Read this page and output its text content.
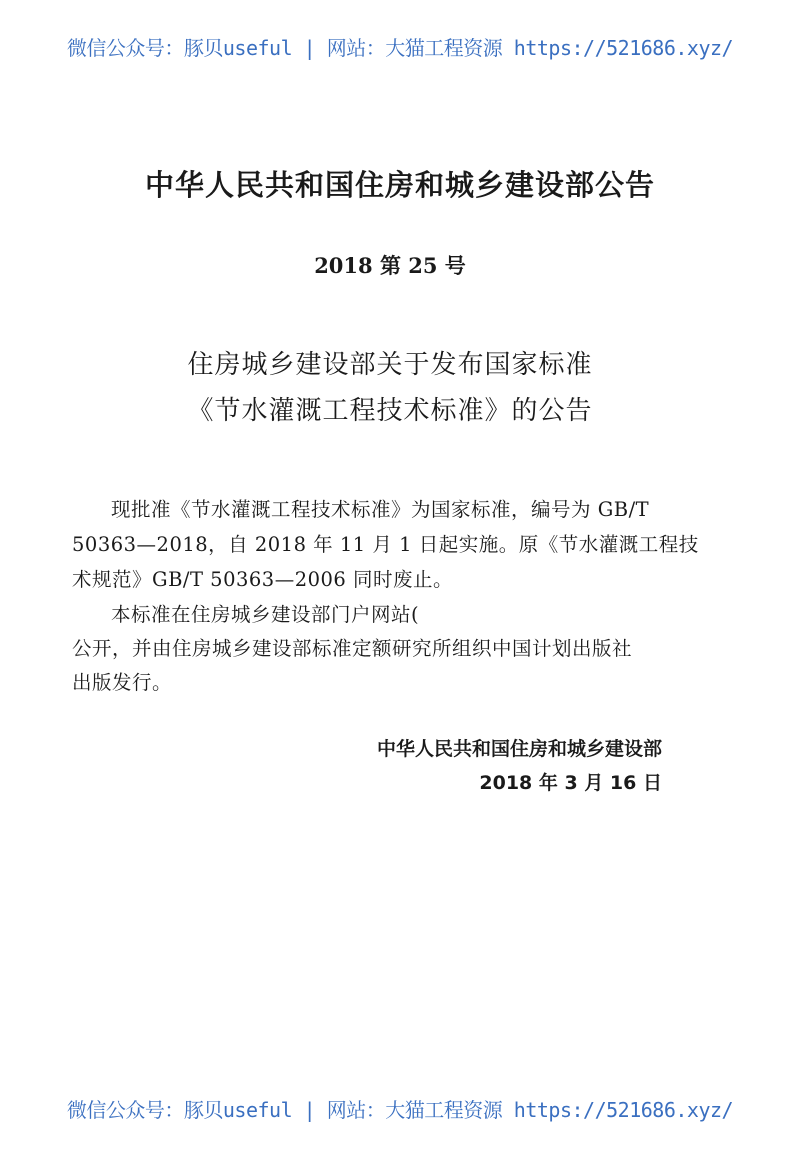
微信公众号：豚贝useful | 网站：大猫工程资源 https://521686.xyz/
中华人民共和国住房和城乡建设部公告
2018 第 25 号
住房城乡建设部关于发布国家标准
《节水灌溉工程技术标准》的公告
现批准《节水灌溉工程技术标准》为国家标准，编号为 GB/T
50363—2018，自 2018 年 11 月 1 日起实施。原《节水灌溉工程技
术规范》GB/T 50363—2006 同时废止。
本标准在住房城乡建设部门户网站(
公开，并由住房城乡建设部标准定额研究所组织中国计划出版社
出版发行。
中华人民共和国住房和城乡建设部
2018 年 3 月 16 日
微信公众号：豚贝useful | 网站：大猫工程资源 https://521686.xyz/
